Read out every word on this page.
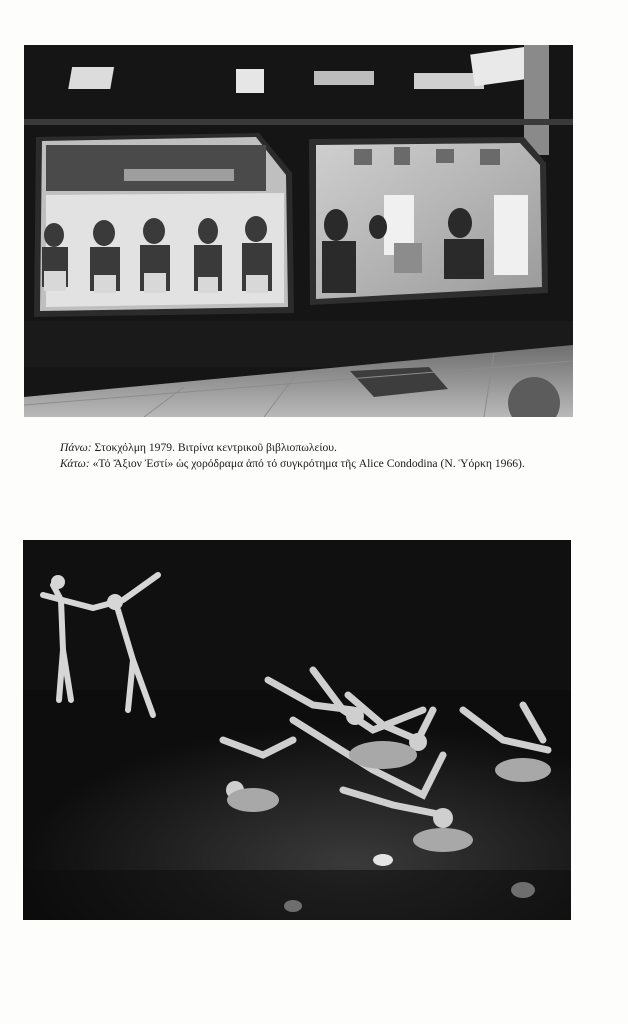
Πάνω: Στοκχόλμη 1979. Βιτρίνα κεντρικοῦ βιβλιοπωλείου.

Κάτω: «Τό Ἄξιον Ἐστί» ὡς χορόδραμα ἀπό τό συγκρότημα τῆς Alice Condodina (Ν. Ὑόρκη 1966).
